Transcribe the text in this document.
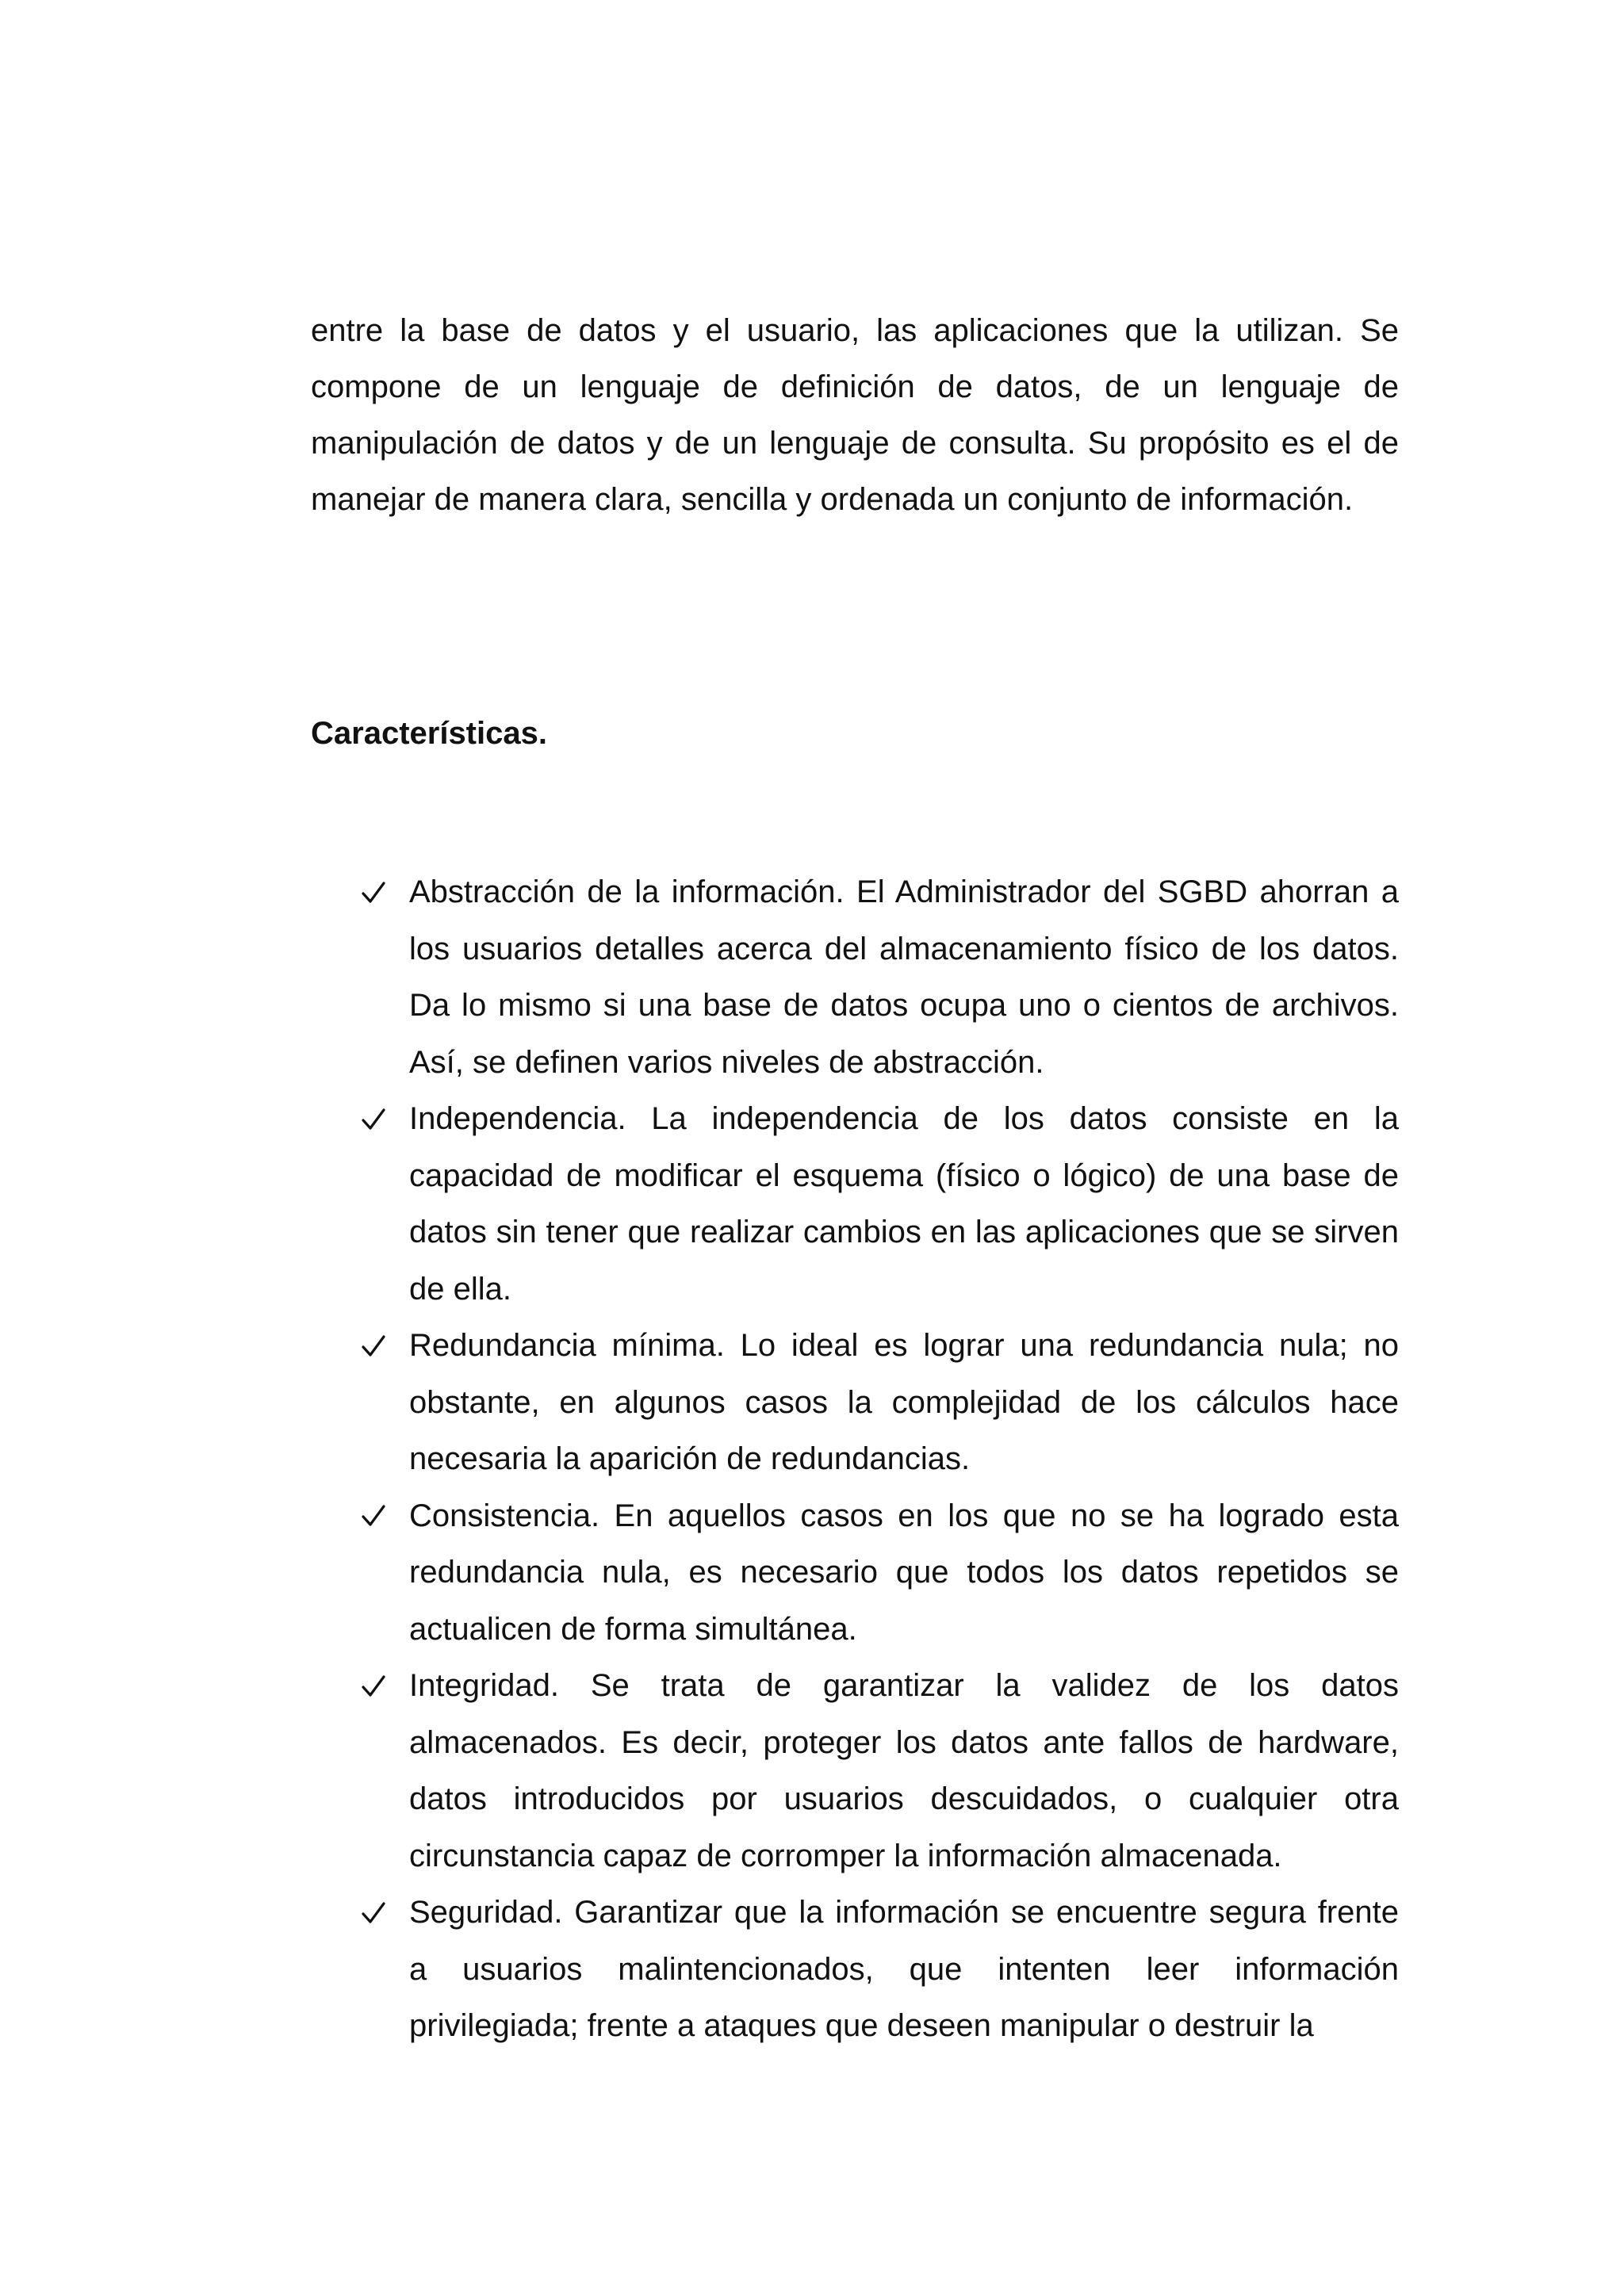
entre la base de datos y el usuario, las aplicaciones que la utilizan. Se compone de un lenguaje de definición de datos, de un lenguaje de manipulación de datos y de un lenguaje de consulta. Su propósito es el de manejar de manera clara, sencilla y ordenada un conjunto de información.

Características.
Abstracción de la información. El Administrador del SGBD ahorran a los usuarios detalles acerca del almacenamiento físico de los datos. Da lo mismo si una base de datos ocupa uno o cientos de archivos. Así, se definen varios niveles de abstracción.
Independencia. La independencia de los datos consiste en la capacidad de modificar el esquema (físico o lógico) de una base de datos sin tener que realizar cambios en las aplicaciones que se sirven de ella.
Redundancia mínima. Lo ideal es lograr una redundancia nula; no obstante, en algunos casos la complejidad de los cálculos hace necesaria la aparición de redundancias.
Consistencia. En aquellos casos en los que no se ha logrado esta redundancia nula, es necesario que todos los datos repetidos se actualicen de forma simultánea.
Integridad. Se trata de garantizar la validez de los datos almacenados. Es decir, proteger los datos ante fallos de hardware, datos introducidos por usuarios descuidados, o cualquier otra circunstancia capaz de corromper la información almacenada.
Seguridad. Garantizar que la información se encuentre segura frente a usuarios malintencionados, que intenten leer información privilegiada; frente a ataques que deseen manipular o destruir la
